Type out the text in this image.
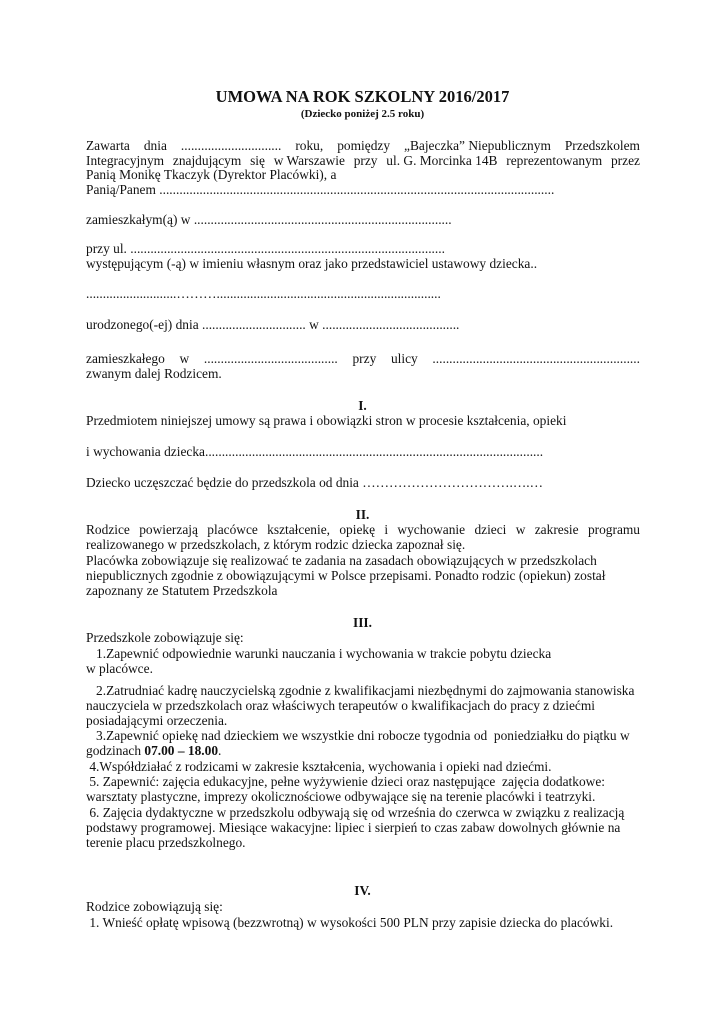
UMOWA NA ROK SZKOLNY 2016/2017
(Dziecko poniżej 2.5 roku)
Zawarta dnia .............................. roku, pomiędzy „Bajeczka” Niepublicznym Przedszkolem
Integracyjnym znajdującym się w Warszawie przy ul. G. Morcinka 14B reprezentowanym przez
Panią Monikę Tkaczyk (Dyrektor Placówki), a
Panią/Panem ......................................................................................................................
zamieszkałym(ą) w .............................................................................
przy ul. ..............................................................................................
występującym (-ą) w imieniu własnym oraz jako przedstawiciel ustawowy dziecka..
...........................………...................................................................
urodzonego(-ej) dnia ............................... w .........................................
zamieszkałego w ........................................ przy ulicy ..............................................................
zwanym dalej Rodzicem.
I.
Przedmiotem niniejszej umowy są prawa i obowiązki stron w procesie kształcenia, opieki
i wychowania dziecka.....................................................................................................
Dziecko uczęszczać będzie do przedszkola od dnia …………………………….….…
II.
Rodzice powierzają placówce kształcenie, opiekę i wychowanie dzieci w zakresie programu
realizowanego w przedszkolach, z którym rodzic dziecka zapoznał się.
Placówka zobowiązuje się realizować te zadania na zasadach obowiązujących w przedszkolach
niepublicznych zgodnie z obowiązującymi w Polsce przepisami. Ponadto rodzic (opiekun) został
zapoznany ze Statutem Przedszkola
III.
Przedszkole zobowiązuje się:
1.Zapewnić odpowiednie warunki nauczania i wychowania w trakcie pobytu dziecka
w placówce.
2.Zatrudniać kadrę nauczycielską zgodnie z kwalifikacjami niezbędnymi do zajmowania stanowiska
nauczyciela w przedszkolach oraz właściwych terapeutów o kwalifikacjach do pracy z dziećmi
posiadającymi orzeczenia.
3.Zapewnić opiekę nad dzieckiem we wszystkie dni robocze tygodnia od  poniedziałku do piątku w
godzinach 07.00 – 18.00.
4.Współdziałać z rodzicami w zakresie kształcenia, wychowania i opieki nad dziećmi.
5. Zapewnić: zajęcia edukacyjne, pełne wyżywienie dzieci oraz następujące  zajęcia dodatkowe:
warsztaty plastyczne, imprezy okolicznościowe odbywające się na terenie placówki i teatrzyki.
6. Zajęcia dydaktyczne w przedszkolu odbywają się od września do czerwca w związku z realizacją
podstawy programowej. Miesiące wakacyjne: lipiec i sierpień to czas zabaw dowolnych głównie na
terenie placu przedszkolnego.
IV.
Rodzice zobowiązują się:
1. Wnieść opłatę wpisową (bezzwrotną) w wysokości 500 PLN przy zapisie dziecka do placówki.
